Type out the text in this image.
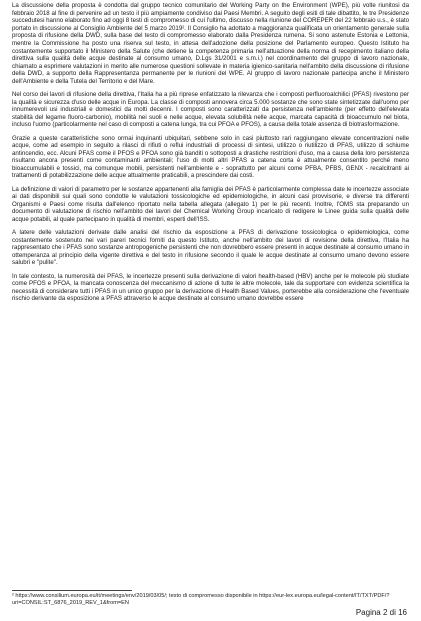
La discussione della proposta è condotta dal gruppo tecnico comunitario del Working Party on the Environment (WPE), più volte riunitosi da febbraio 2018 al fine di pervenire ad un testo il più ampiamente condiviso dai Paesi Membri. A seguito degli esiti di tale dibattito, le tre Presidenze succedutesi hanno elaborato fino ad oggi 8 testi di compromesso di cui l'ultimo, discusso nella riunione del COREPER del 22 febbraio u.s., è stato portato in discussione al Consiglio Ambiente del 5 marzo 2019². Il Consiglio ha adottato a maggioranza qualificata un orientamento generale sulla proposta di rifusione della DWD, sulla base del testo di compromesso elaborato dalla Presidenza rumena. Si sono astenute Estonia e Lettonia, mentre la Commissione ha posto una riserva sul testo, in attesa dell'adozione della posizione del Parlamento europeo. Questo Istituto ha costantemente supportato il Ministero della Salute (che detiene la competenza primaria nell'attuazione della norma di recepimento italiano della direttiva sulla qualità delle acque destinate al consumo umano, D.Lgs 31/2001 e s.m.i.) nel coordinamento del gruppo di lavoro nazionale, chiamato a esprimere valutazioni in merito alle numerose questioni sollevate in materia igienico-sanitaria nell'ambito della discussione di rifusione della DWD, a supporto della Rappresentanza permanente per le riunioni del WPE. Al gruppo di lavoro nazionale partecipa anche il Ministero dell'Ambiente e della Tutela del Territorio e del Mare.

Nel corso dei lavori di rifusione della direttiva, l'Italia ha a più riprese enfatizzato la rilevanza che i composti perfluoroalchilici (PFAS) rivestono per la qualità e sicurezza d'uso delle acque in Europa. La classe di composti annovera circa 5.000 sostanze che sono state sintetizzate dall'uomo per innumerevoli usi industriali e domestici da molti decenni. I composti sono caratterizzati da persistenza nell'ambiente (per effetto dell'elevata stabilità del legame fluoro-carbonio), mobilità nei suoli e nelle acque, elevata solubilità nelle acque, marcata capacità di bioaccumulo nel biota, incluso l'uomo (particolarmente nel caso di composti a catena lunga, tra cui PFOA e PFOS), a causa della totale assenza di biotrasformazione.

Grazie a queste caratteristiche sono ormai inquinanti ubiquitari, sebbene solo in casi piuttosto rari raggiungano elevate concentrazioni nelle acque, come ad esempio in seguito a rilasci di rifiuti o reflui industriali di processi di sintesi, utilizzo o riutilizzo di PFAS, utilizzo di schiume antincendio, ecc. Alcuni PFAS come il PFOS e PFOA sono già banditi o sottoposti a drastiche restrizioni d'uso, ma a causa della loro persistenza risultano ancora presenti come contaminanti ambientali; l'uso di molti altri PFAS a catena corta è attualmente consentito perché meno bioaccumulabili e tossici, ma comunque mobili, persistenti nell'ambiente e - soprattutto per alcuni come PFBA, PFBS, GENX - recalcitranti ai trattamenti di potabilizzazione delle acque attualmente praticabili, a prescindere dai costi.

La definizione di valori di parametro per le sostanze appartenenti alla famiglia dei PFAS è particolarmente complessa date le incertezze associate ai dati disponibili sui quali sono condotte le valutazioni tossicologiche ed epidemiologiche, in alcuni casi provvisorie, e diverse tra differenti Organismi e Paesi come risulta dall'elenco riportato nella tabella allegata (allegato 1) per le più recenti. Inoltre, l'OMS sta preparando un documento di valutazione di rischio nell'ambito dei lavori del Chemical Working Group incaricato di redigere le Linee guida sulla qualità delle acque potabili, al quale partecipano in qualità di membri, esperti dell'ISS.

A latere delle valutazioni derivate dalle analisi del rischio da esposizione a PFAS di derivazione tossicologica o epidemiologica, come costantemente sostenuto nei vari pareri tecnici forniti da questo Istituto, anche nell'ambito dei lavori di revisione della direttiva, l'Italia ha rappresentato che i PFAS sono sostanze antropogeniche persistenti che non dovrebbero essere presenti in acque destinate al consumo umano in ottemperanza al principio della vigente direttiva e del testo in rifusione secondo il quale le acque destinate al consumo umano devono essere salubri e "pulite".

In tale contesto, la numerosità dei PFAS, le incertezze presenti sulla derivazione di valori health-based (HBV) anche per le molecole più studiate come PFOS e PFOA, la mancata conoscenza del meccanismo di azione di tutte le altre molecole, tale da supportare con evidenza scientifica la necessità di considerare tutti i PFAS in un unico gruppo per la derivazione di Health Based Values, porterebbe alla considerazione che l'eventuale rischio derivante da esposizione a PFAS attraverso le acque destinate al consumo umano dovrebbe essere

² https://www.consilium.europa.eu/it/meetings/env/2019/03/05/; testo di compromesso disponibile in https://eur-lex.europa.eu/legal-content/IT/TXT/PDF/?uri=CONSIL:ST_6876_2019_REV_1&from=EN
Pagina 2 di 16
